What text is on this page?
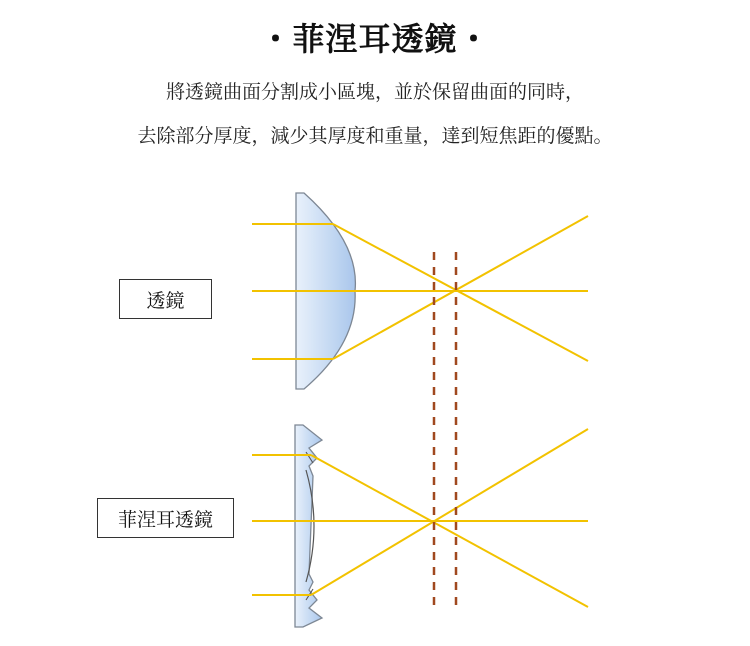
・菲涅耳透鏡・
將透鏡曲面分割成小區塊，並於保留曲面的同時，
去除部分厚度，減少其厚度和重量，達到短焦距的優點。
透鏡
菲涅耳透鏡
